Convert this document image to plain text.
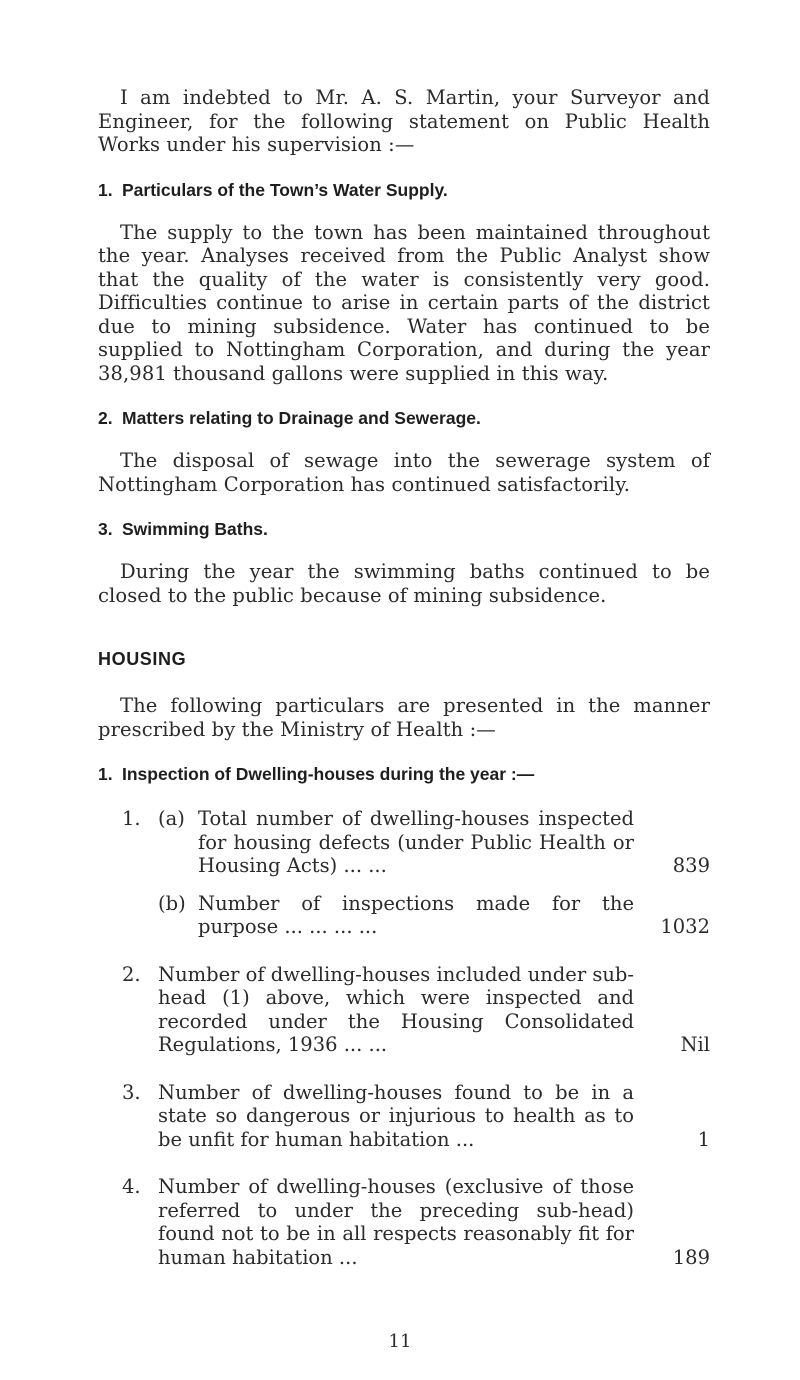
I am indebted to Mr. A. S. Martin, your Surveyor and Engineer, for the following statement on Public Health Works under his supervision :—

1. Particulars of the Town’s Water Supply.

The supply to the town has been maintained throughout the year. Analyses received from the Public Analyst show that the quality of the water is consistently very good. Difficulties continue to arise in certain parts of the district due to mining subsidence. Water has continued to be supplied to Nottingham Corporation, and during the year 38,981 thousand gallons were supplied in this way.

2. Matters relating to Drainage and Sewerage.

The disposal of sewage into the sewerage system of Nottingham Corporation has continued satisfactorily.

3. Swimming Baths.

During the year the swimming baths continued to be closed to the public because of mining subsidence.

HOUSING

The following particulars are presented in the manner prescribed by the Ministry of Health :—

1. Inspection of Dwelling-houses during the year :—

1. (a) Total number of dwelling-houses inspected for housing defects (under Public Health or Housing Acts) ... ...	839
(b) Number of inspections made for the purpose ... ... ... ...	1032
2. Number of dwelling-houses included under sub-head (1) above, which were inspected and recorded under the Housing Consolidated Regulations, 1936 ... ...	Nil
3. Number of dwelling-houses found to be in a state so dangerous or injurious to health as to be unfit for human habitation ...	1
4. Number of dwelling-houses (exclusive of those referred to under the preceding sub-head) found not to be in all respects reasonably fit for human habitation ...	189
11
